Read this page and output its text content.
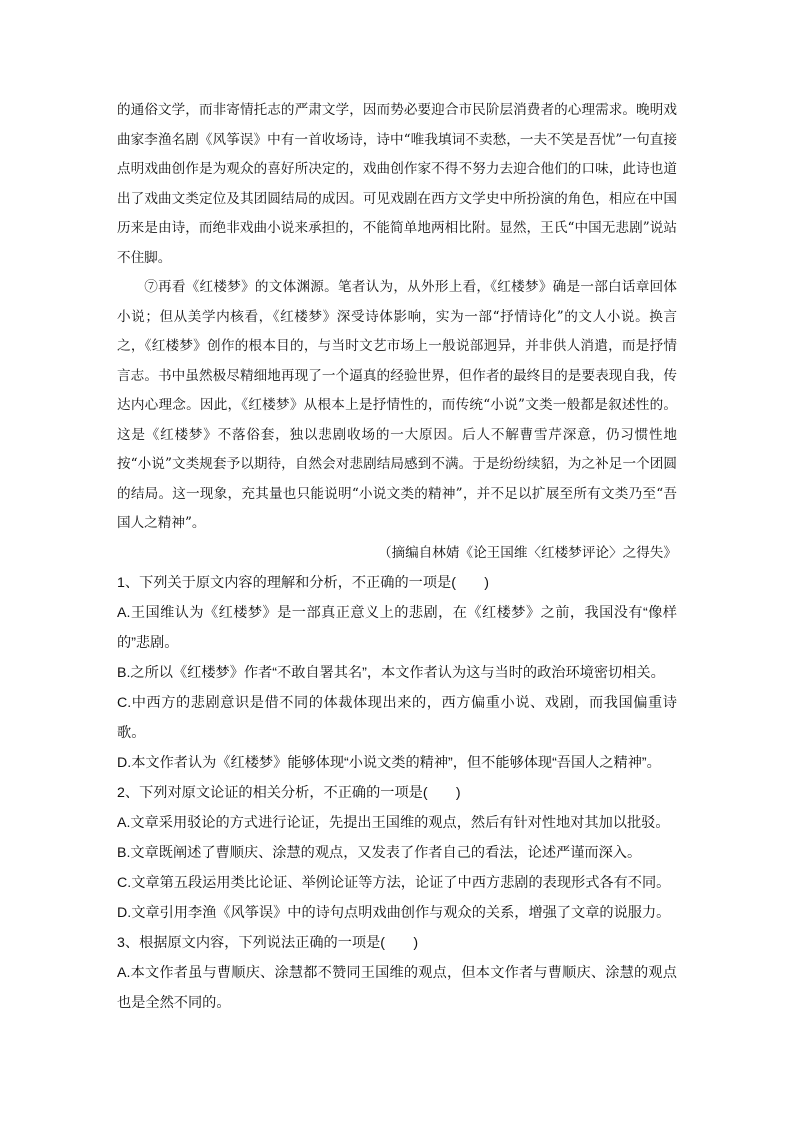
的通俗文学，而非寄情托志的严肃文学，因而势必要迎合市民阶层消费者的心理需求。晚明戏曲家李渔名剧《风筝误》中有一首收场诗，诗中“唯我填词不卖愁，一夫不笑是吾忧”一句直接点明戏曲创作是为观众的喜好所决定的，戏曲创作家不得不努力去迎合他们的口味，此诗也道出了戏曲文类定位及其团圆结局的成因。可见戏剧在西方文学史中所扮演的角色，相应在中国历来是由诗，而绝非戏曲小说来承担的，不能简单地两相比附。显然，王氏“中国无悲剧”说站不住脚。

⑦再看《红楼梦》的文体渊源。笔者认为，从外形上看，《红楼梦》确是一部白话章回体小说；但从美学内核看，《红楼梦》深受诗体影响，实为一部“抒情诗化”的文人小说。换言之，《红楼梦》创作的根本目的，与当时文艺市场上一般说部迥异，并非供人消遣，而是抒情言志。书中虽然极尽精细地再现了一个逼真的经验世界，但作者的最终目的是要表现自我，传达内心理念。因此，《红楼梦》从根本上是抒情性的，而传统“小说”文类一般都是叙述性的。这是《红楼梦》不落俗套，独以悲剧收场的一大原因。后人不解曹雪芹深意，仍习惯性地按“小说”文类规套予以期待，自然会对悲剧结局感到不满。于是纷纷续貂，为之补足一个团圆的结局。这一现象，充其量也只能说明“小说文类的精神”，并不足以扩展至所有文类乃至“吾国人之精神”。

（摘编自林婧《论王国维〈红楼梦评论〉之得失》

1、下列关于原文内容的理解和分析，不正确的一项是(　　)

A.王国维认为《红楼梦》是一部真正意义上的悲剧，在《红楼梦》之前，我国没有“像样的”悲剧。

B.之所以《红楼梦》作者“不敢自署其名”，本文作者认为这与当时的政治环境密切相关。

C.中西方的悲剧意识是借不同的体裁体现出来的，西方偏重小说、戏剧，而我国偏重诗歌。

D.本文作者认为《红楼梦》能够体现“小说文类的精神”，但不能够体现“吾国人之精神”。

2、下列对原文论证的相关分析，不正确的一项是(　　)

A.文章采用驳论的方式进行论证，先提出王国维的观点，然后有针对性地对其加以批驳。

B.文章既阐述了曹顺庆、涂慧的观点，又发表了作者自己的看法，论述严谨而深入。

C.文章第五段运用类比论证、举例论证等方法，论证了中西方悲剧的表现形式各有不同。

D.文章引用李渔《风筝误》中的诗句点明戏曲创作与观众的关系，增强了文章的说服力。

3、根据原文内容，下列说法正确的一项是(　　)

A.本文作者虽与曹顺庆、涂慧都不赞同王国维的观点，但本文作者与曹顺庆、涂慧的观点也是全然不同的。
